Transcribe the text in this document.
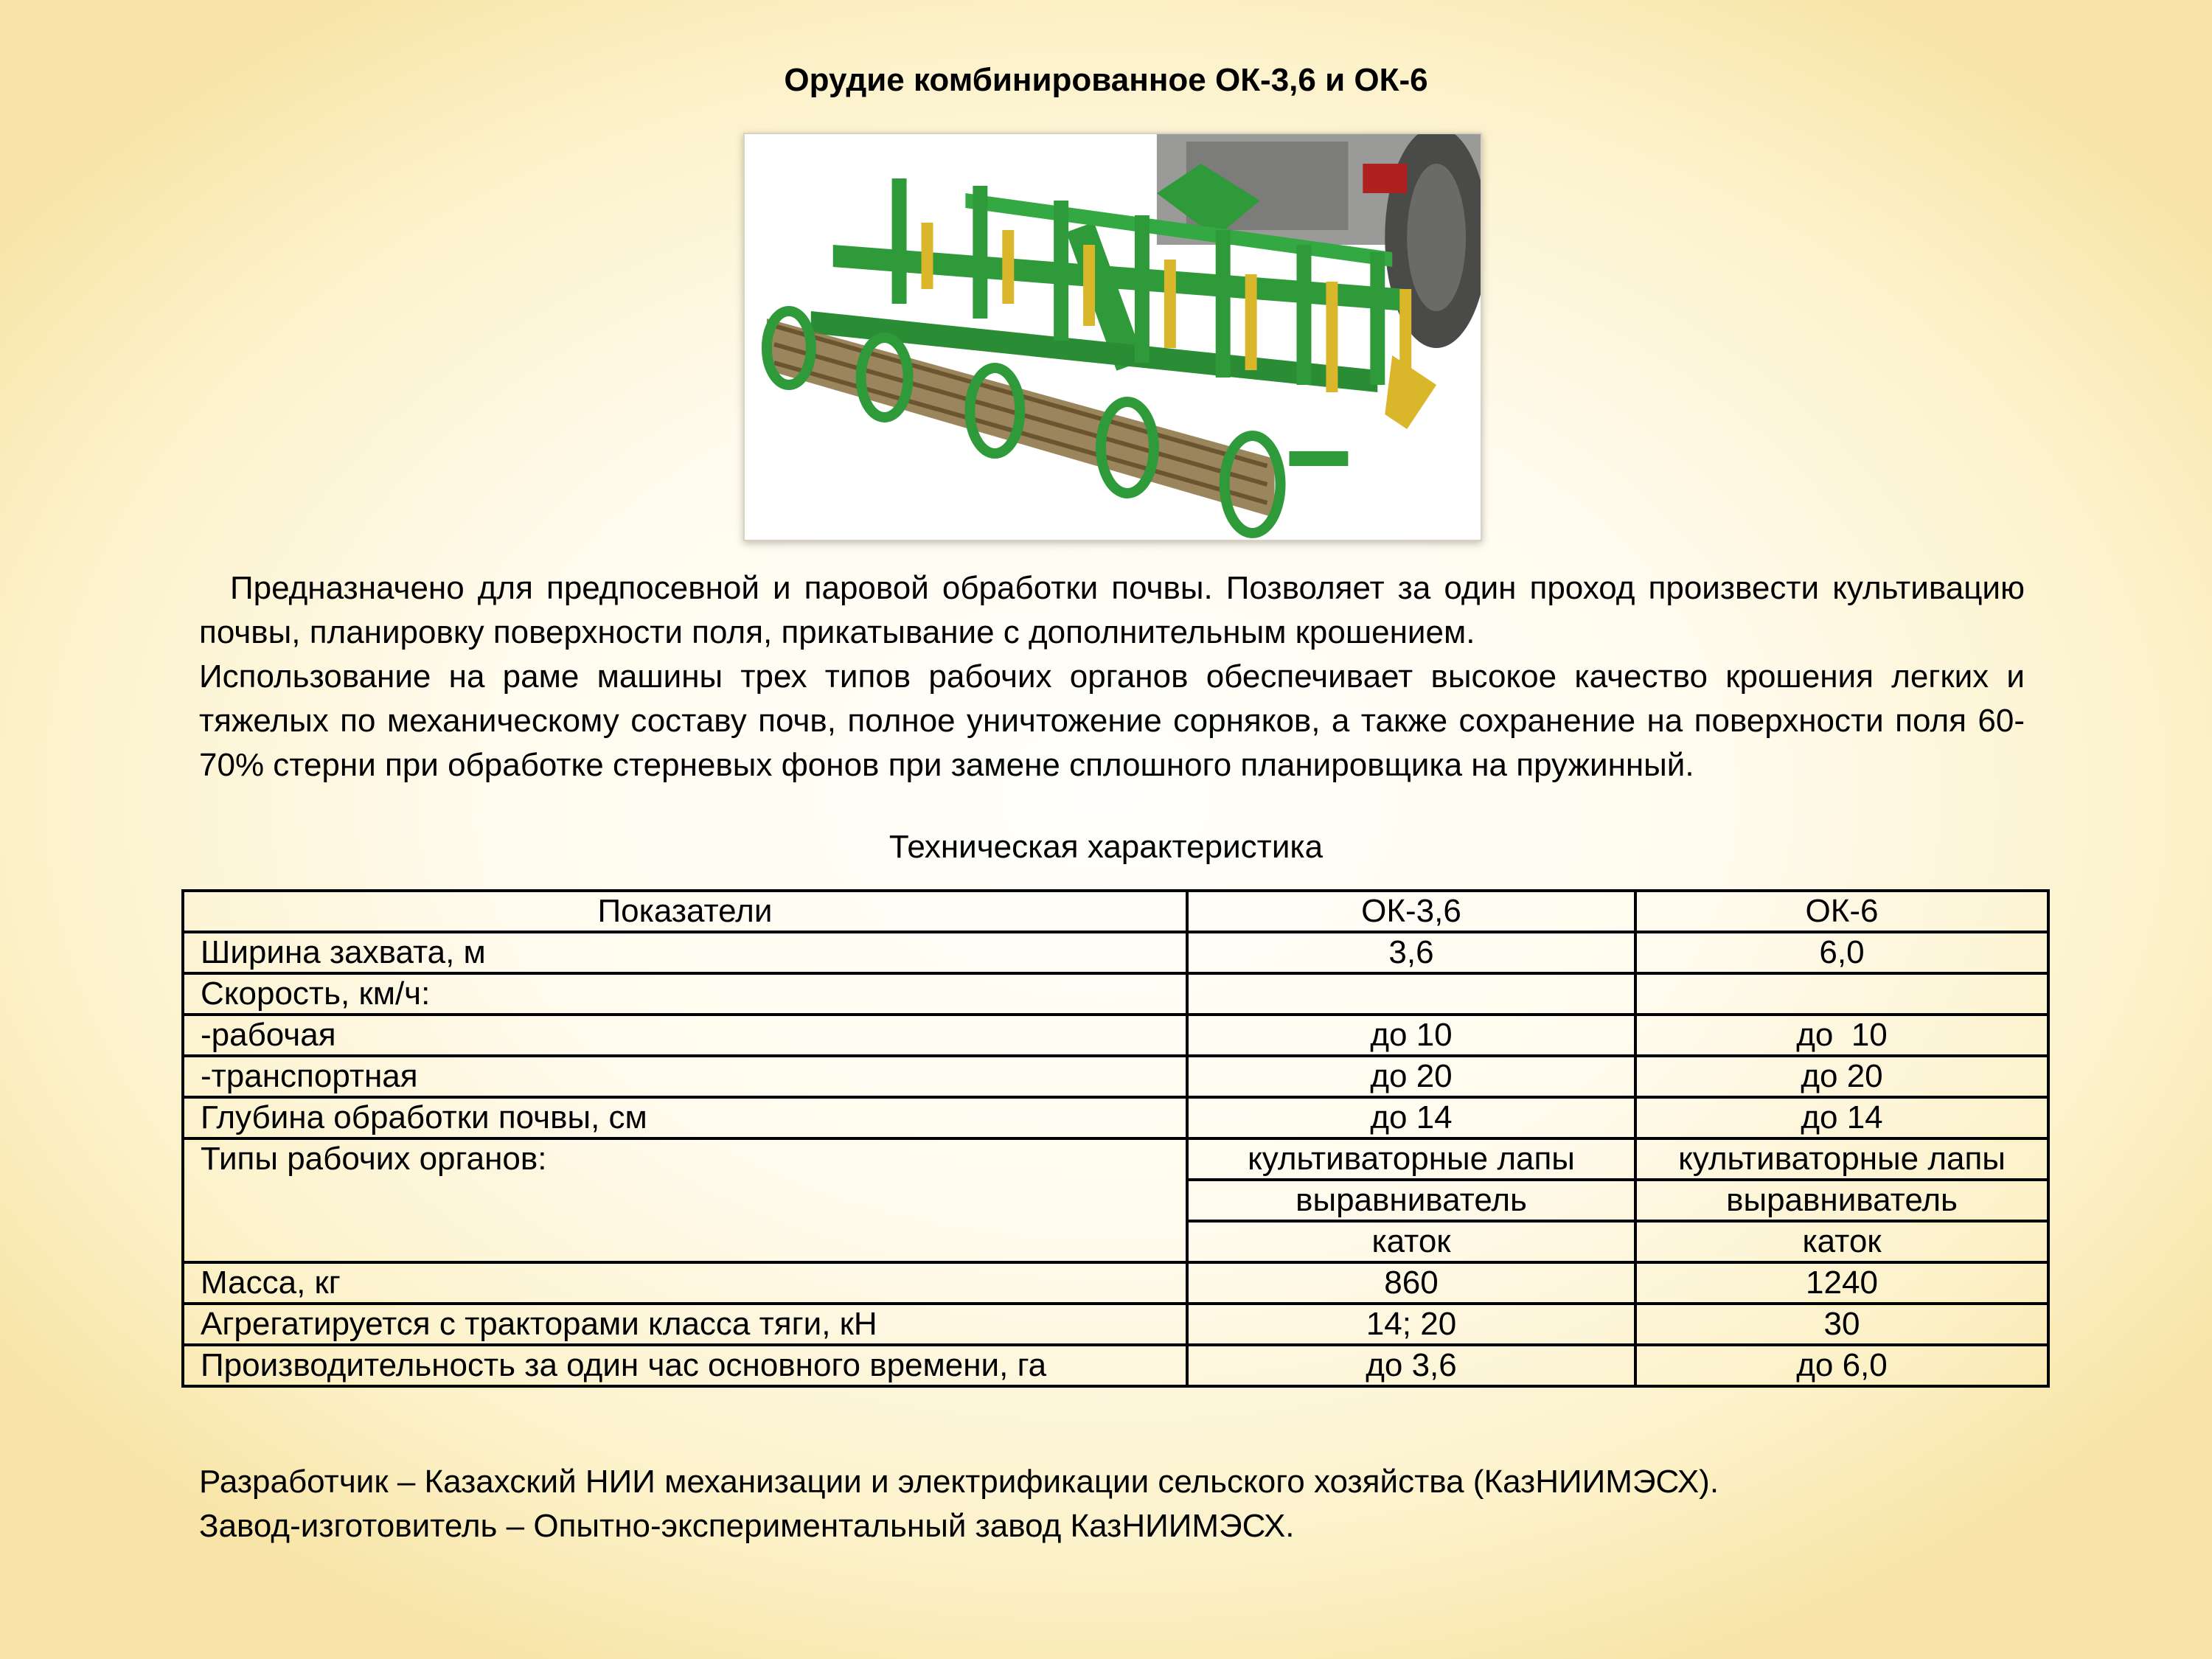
Орудие комбинированное ОК-3,6 и ОК-6

Предназначено для предпосевной и паровой обработки почвы. Позволяет за один проход произвести культивацию почвы, планировку поверхности поля, прикатывание с дополнительным крошением.

Использование на раме машины трех типов рабочих органов обеспечивает высокое качество крошения легких и тяжелых по механическому составу почв, полное уничтожение сорняков, а также сохранение на поверхности поля 60-70% стерни при обработке стерневых фонов при замене сплошного планировщика на пружинный.

Техническая характеристика
Показатели	ОК-3,6	ОК-6
Ширина захвата, м	3,6	6,0
Скорость, км/ч:		
-рабочая	до 10	до  10
-транспортная	до 20	до 20
Глубина обработки почвы, см	до 14	до 14
Типы рабочих органов:	культиваторные лапы	культиваторные лапы
	выравниватель	выравниватель
	каток	каток
Масса, кг	860	1240
Агрегатируется с тракторами класса тяги, кН	14; 20	30
Производительность за один час основного времени, га	до 3,6	до 6,0
Разработчик – Казахский НИИ механизации и электрификации сельского хозяйства (КазНИИМЭСХ).
Завод-изготовитель – Опытно-экспериментальный завод КазНИИМЭСХ.
